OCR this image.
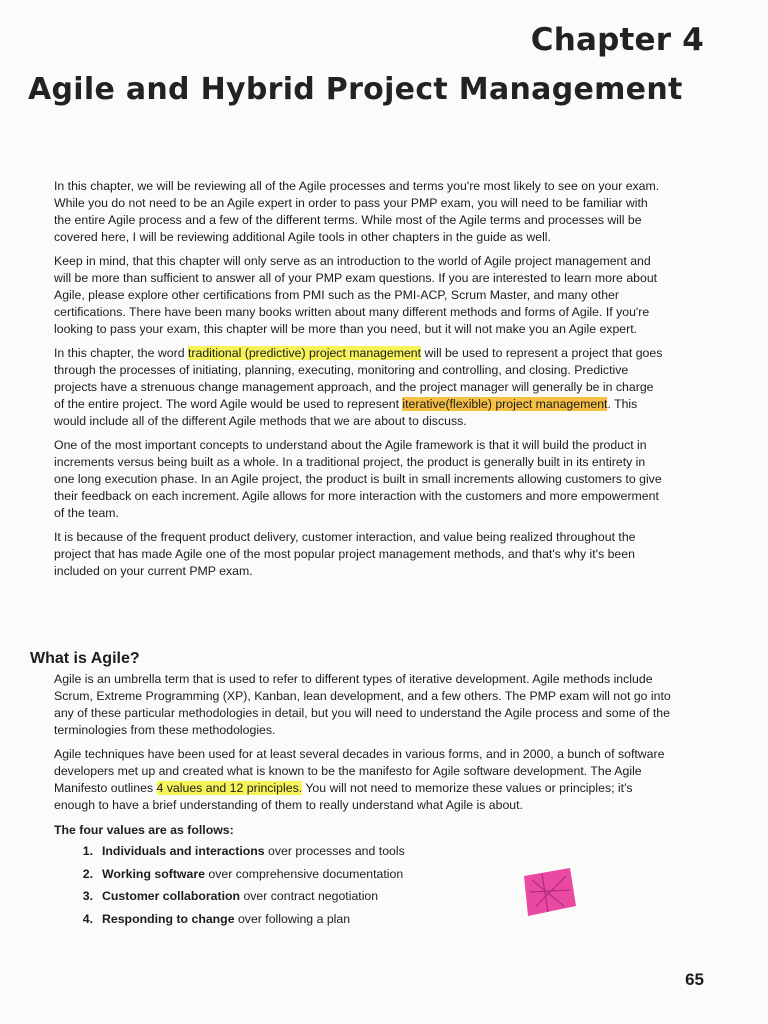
Chapter 4
Agile and Hybrid Project Management

In this chapter, we will be reviewing all of the Agile processes and terms you're most likely to see on your exam. While you do not need to be an Agile expert in order to pass your PMP exam, you will need to be familiar with the entire Agile process and a few of the different terms. While most of the Agile terms and processes will be covered here, I will be reviewing additional Agile tools in other chapters in the guide as well.

Keep in mind, that this chapter will only serve as an introduction to the world of Agile project management and will be more than sufficient to answer all of your PMP exam questions. If you are interested to learn more about Agile, please explore other certifications from PMI such as the PMI-ACP, Scrum Master, and many other certifications. There have been many books written about many different methods and forms of Agile. If you're looking to pass your exam, this chapter will be more than you need, but it will not make you an Agile expert.

In this chapter, the word traditional (predictive) project management will be used to represent a project that goes through the processes of initiating, planning, executing, monitoring and controlling, and closing. Predictive projects have a strenuous change management approach, and the project manager will generally be in charge of the entire project. The word Agile would be used to represent iterative(flexible) project management. This would include all of the different Agile methods that we are about to discuss.

One of the most important concepts to understand about the Agile framework is that it will build the product in increments versus being built as a whole. In a traditional project, the product is generally built in its entirety in one long execution phase. In an Agile project, the product is built in small increments allowing customers to give their feedback on each increment. Agile allows for more interaction with the customers and more empowerment of the team.

It is because of the frequent product delivery, customer interaction, and value being realized throughout the project that has made Agile one of the most popular project management methods, and that's why it's been included on your current PMP exam.

What is Agile?

Agile is an umbrella term that is used to refer to different types of iterative development. Agile methods include Scrum, Extreme Programming (XP), Kanban, lean development, and a few others. The PMP exam will not go into any of these particular methodologies in detail, but you will need to understand the Agile process and some of the terminologies from these methodologies.

Agile techniques have been used for at least several decades in various forms, and in 2000, a bunch of software developers met up and created what is known to be the manifesto for Agile software development. The Agile Manifesto outlines 4 values and 12 principles. You will not need to memorize these values or principles; it's enough to have a brief understanding of them to really understand what Agile is about.

The four values are as follows:

1. Individuals and interactions over processes and tools
2. Working software over comprehensive documentation
3. Customer collaboration over contract negotiation
4. Responding to change over following a plan
65
